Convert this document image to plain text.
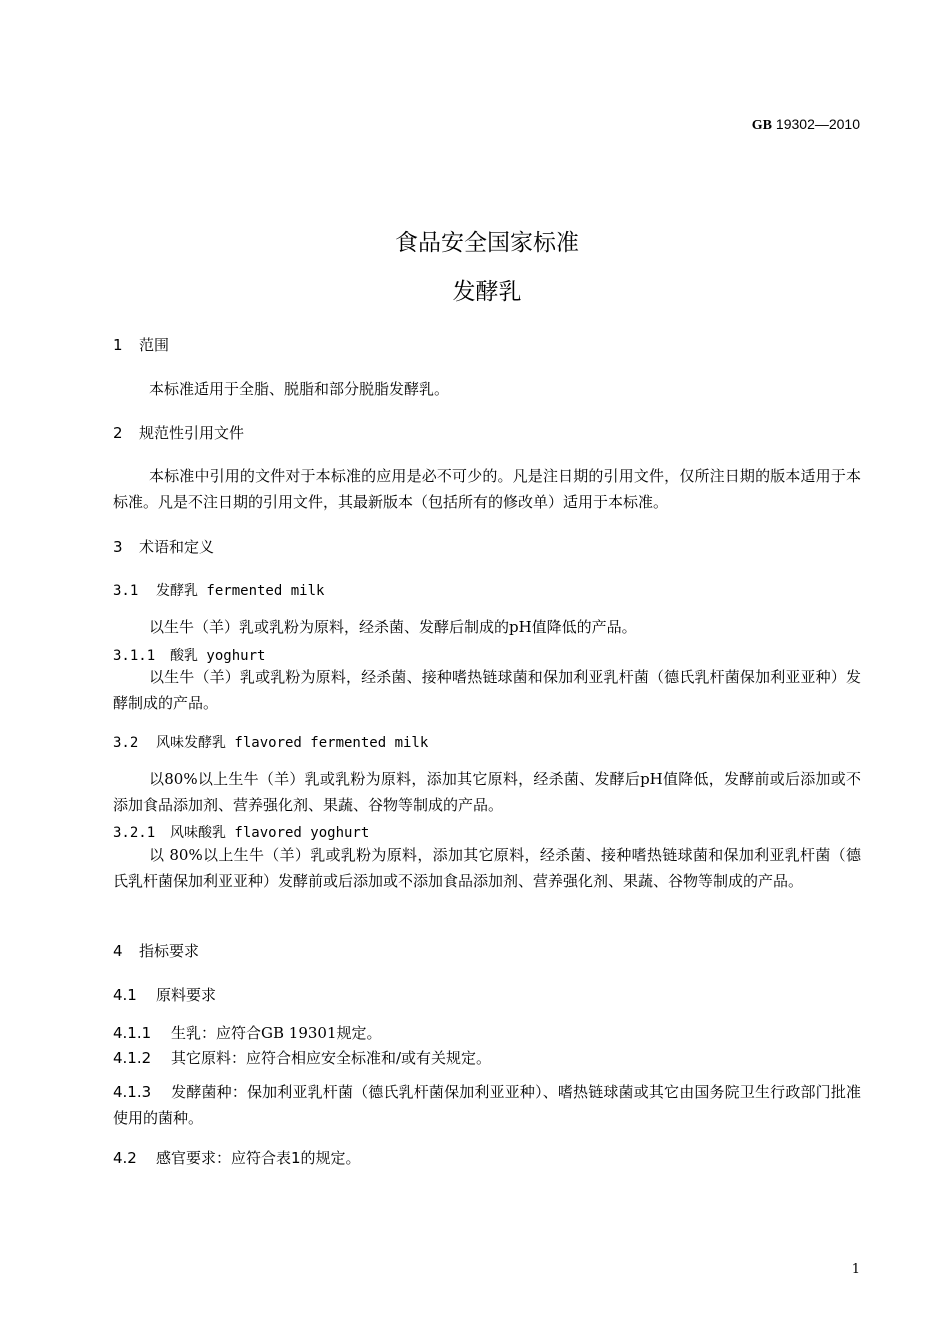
GB 19302—2010
食品安全国家标准
发酵乳
1 范围
本标准适用于全脂、脱脂和部分脱脂发酵乳。
2 规范性引用文件
本标准中引用的文件对于本标准的应用是必不可少的。凡是注日期的引用文件，仅所注日期的版本适用于本标准。凡是不注日期的引用文件，其最新版本（包括所有的修改单）适用于本标准。
3 术语和定义
3.1 发酵乳 fermented milk
以生牛（羊）乳或乳粉为原料，经杀菌、发酵后制成的pH值降低的产品。
3.1.1 酸乳 yoghurt
以生牛（羊）乳或乳粉为原料，经杀菌、接种嗜热链球菌和保加利亚乳杆菌（德氏乳杆菌保加利亚亚种）发酵制成的产品。
3.2 风味发酵乳 flavored fermented milk
以80%以上生牛（羊）乳或乳粉为原料，添加其它原料，经杀菌、发酵后pH值降低，发酵前或后添加或不添加食品添加剂、营养强化剂、果蔬、谷物等制成的产品。
3.2.1 风味酸乳 flavored yoghurt
以 80%以上生牛（羊）乳或乳粉为原料，添加其它原料，经杀菌、接种嗜热链球菌和保加利亚乳杆菌（德氏乳杆菌保加利亚亚种）发酵前或后添加或不添加食品添加剂、营养强化剂、果蔬、谷物等制成的产品。
4 指标要求
4.1 原料要求
4.1.1 生乳：应符合GB 19301规定。
4.1.2 其它原料：应符合相应安全标准和/或有关规定。
4.1.3 发酵菌种：保加利亚乳杆菌（德氏乳杆菌保加利亚亚种）、嗜热链球菌或其它由国务院卫生行政部门批准使用的菌种。
4.2 感官要求：应符合表1的规定。
1
